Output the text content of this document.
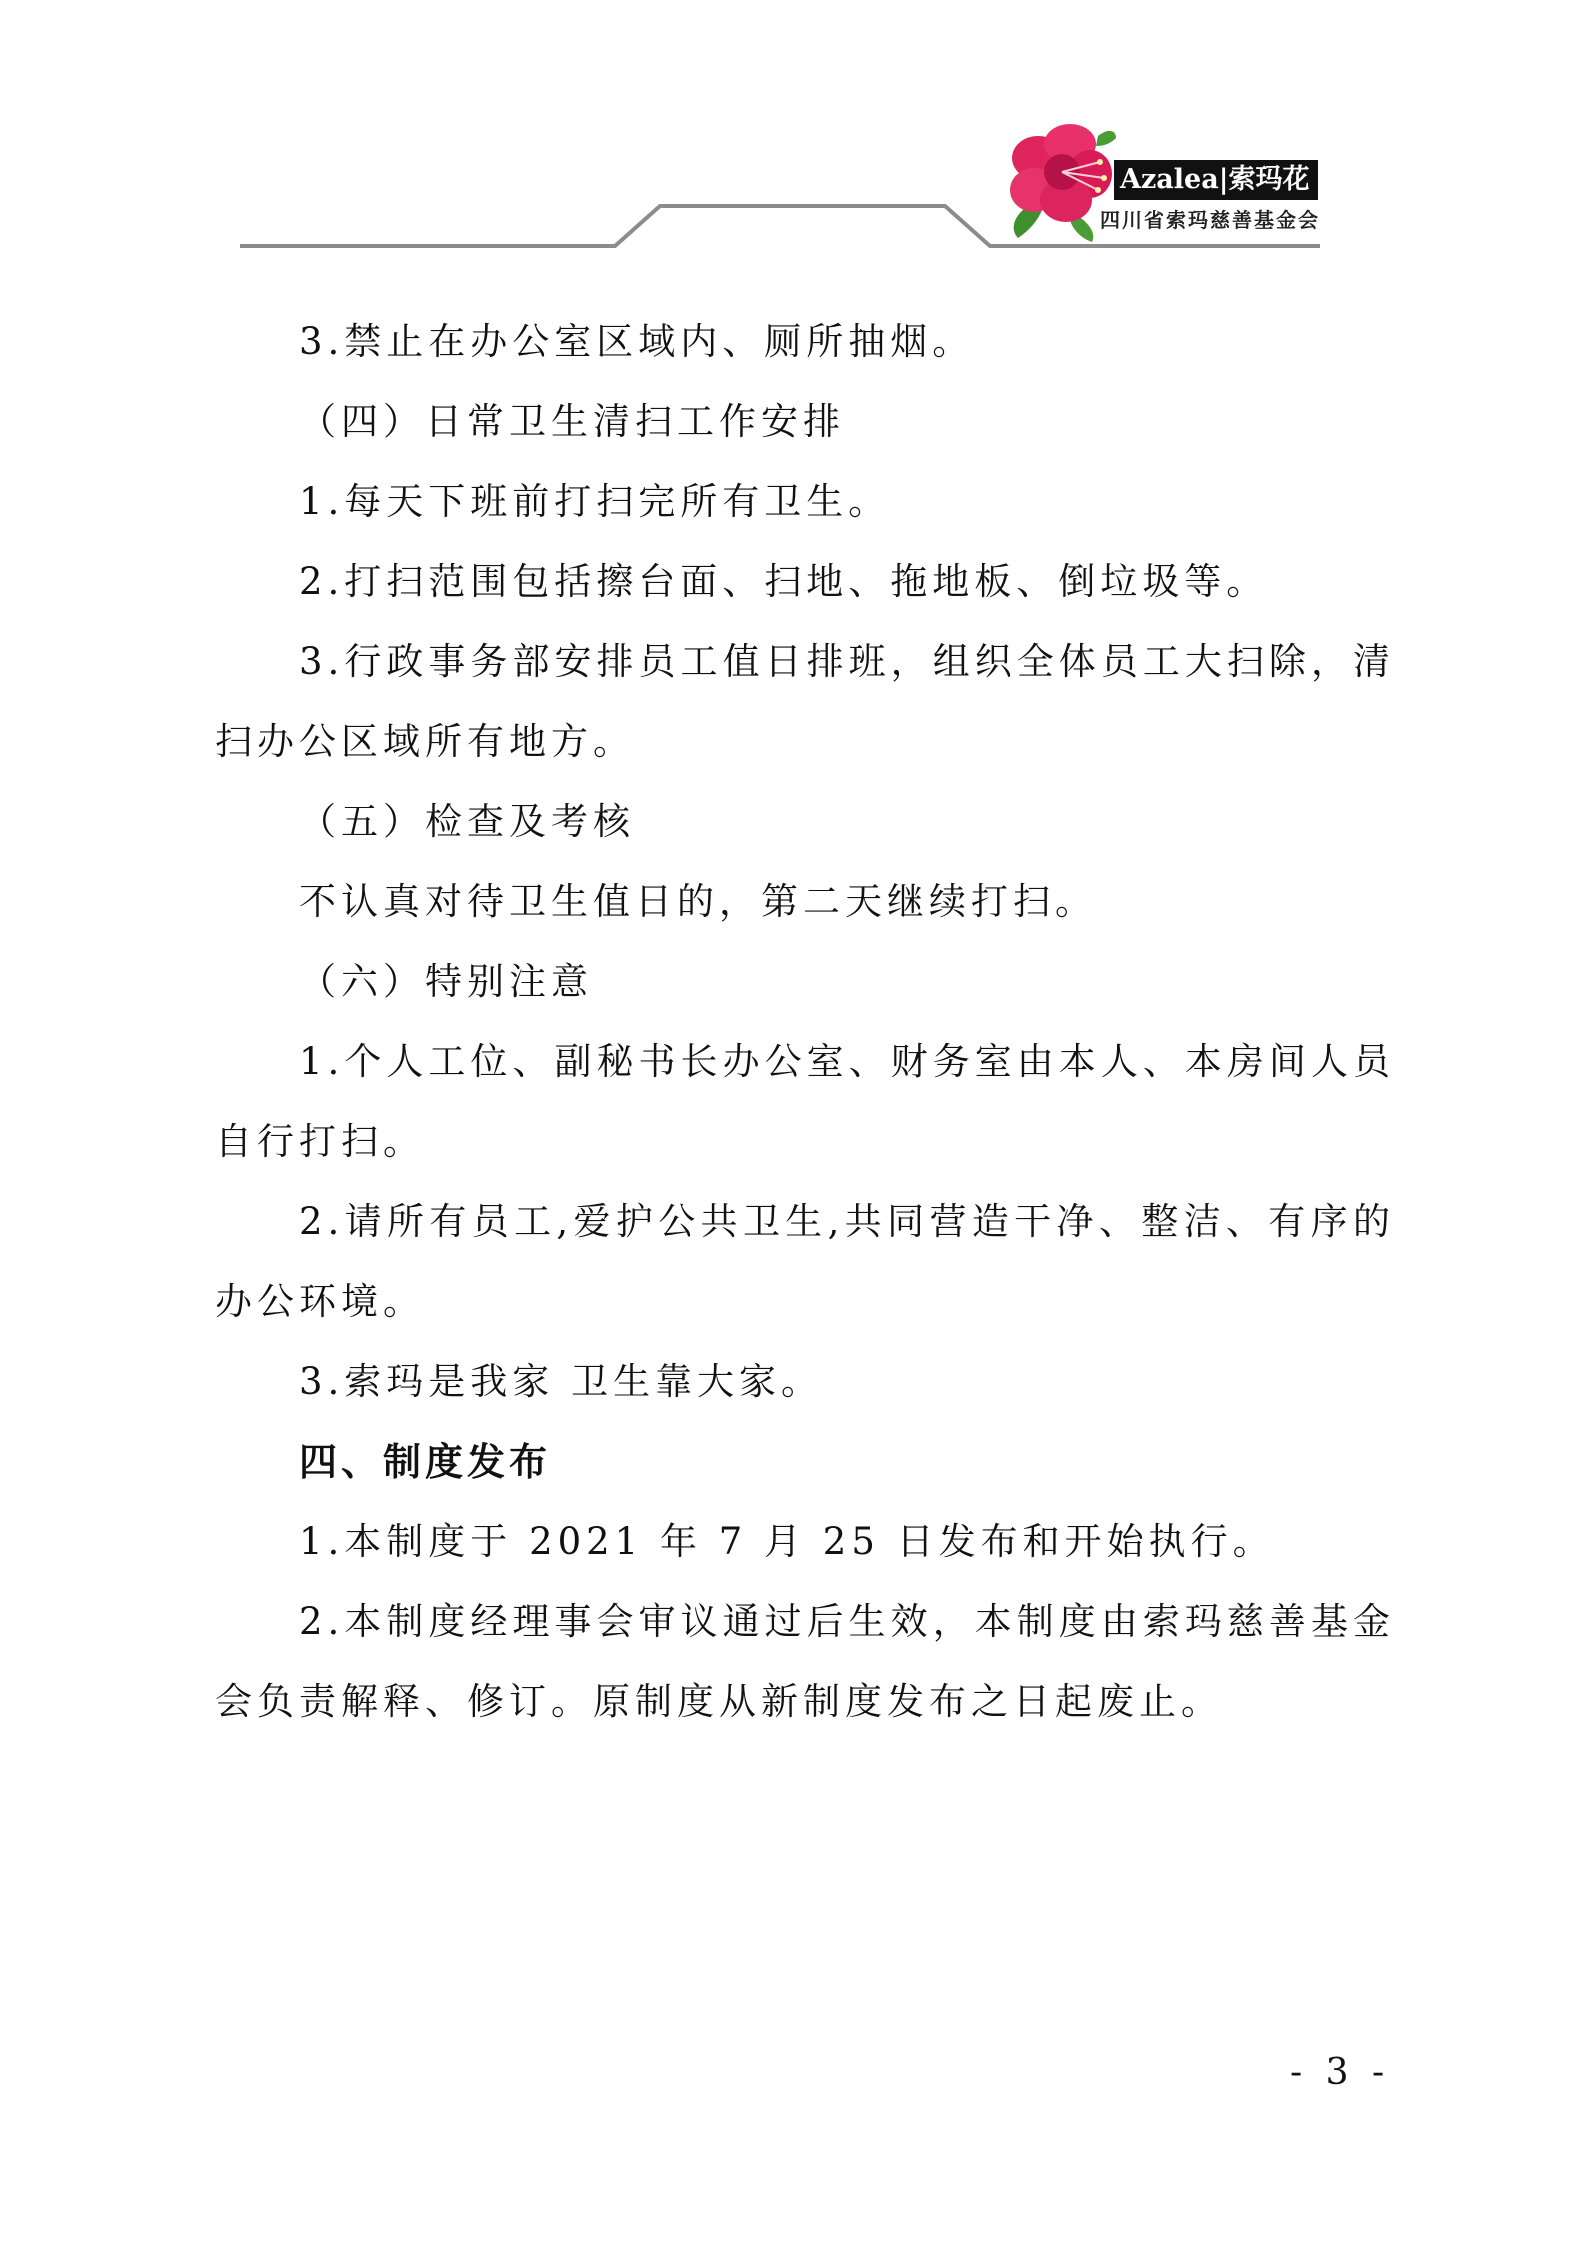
Azalea|索玛花
四川省索玛慈善基金会

3.禁止在办公室区域内、厕所抽烟。

（四）日常卫生清扫工作安排

1.每天下班前打扫完所有卫生。

2.打扫范围包括擦台面、扫地、拖地板、倒垃圾等。

3.行政事务部安排员工值日排班，组织全体员工大扫除，清扫办公区域所有地方。

（五）检查及考核

不认真对待卫生值日的，第二天继续打扫。

（六）特别注意

1.个人工位、副秘书长办公室、财务室由本人、本房间人员自行打扫。

2.请所有员工,爱护公共卫生,共同营造干净、整洁、有序的办公环境。

3.索玛是我家 卫生靠大家。

四、制度发布

1.本制度于 2021 年 7 月 25 日发布和开始执行。

2.本制度经理事会审议通过后生效，本制度由索玛慈善基金会负责解释、修订。原制度从新制度发布之日起废止。

- 3 -
